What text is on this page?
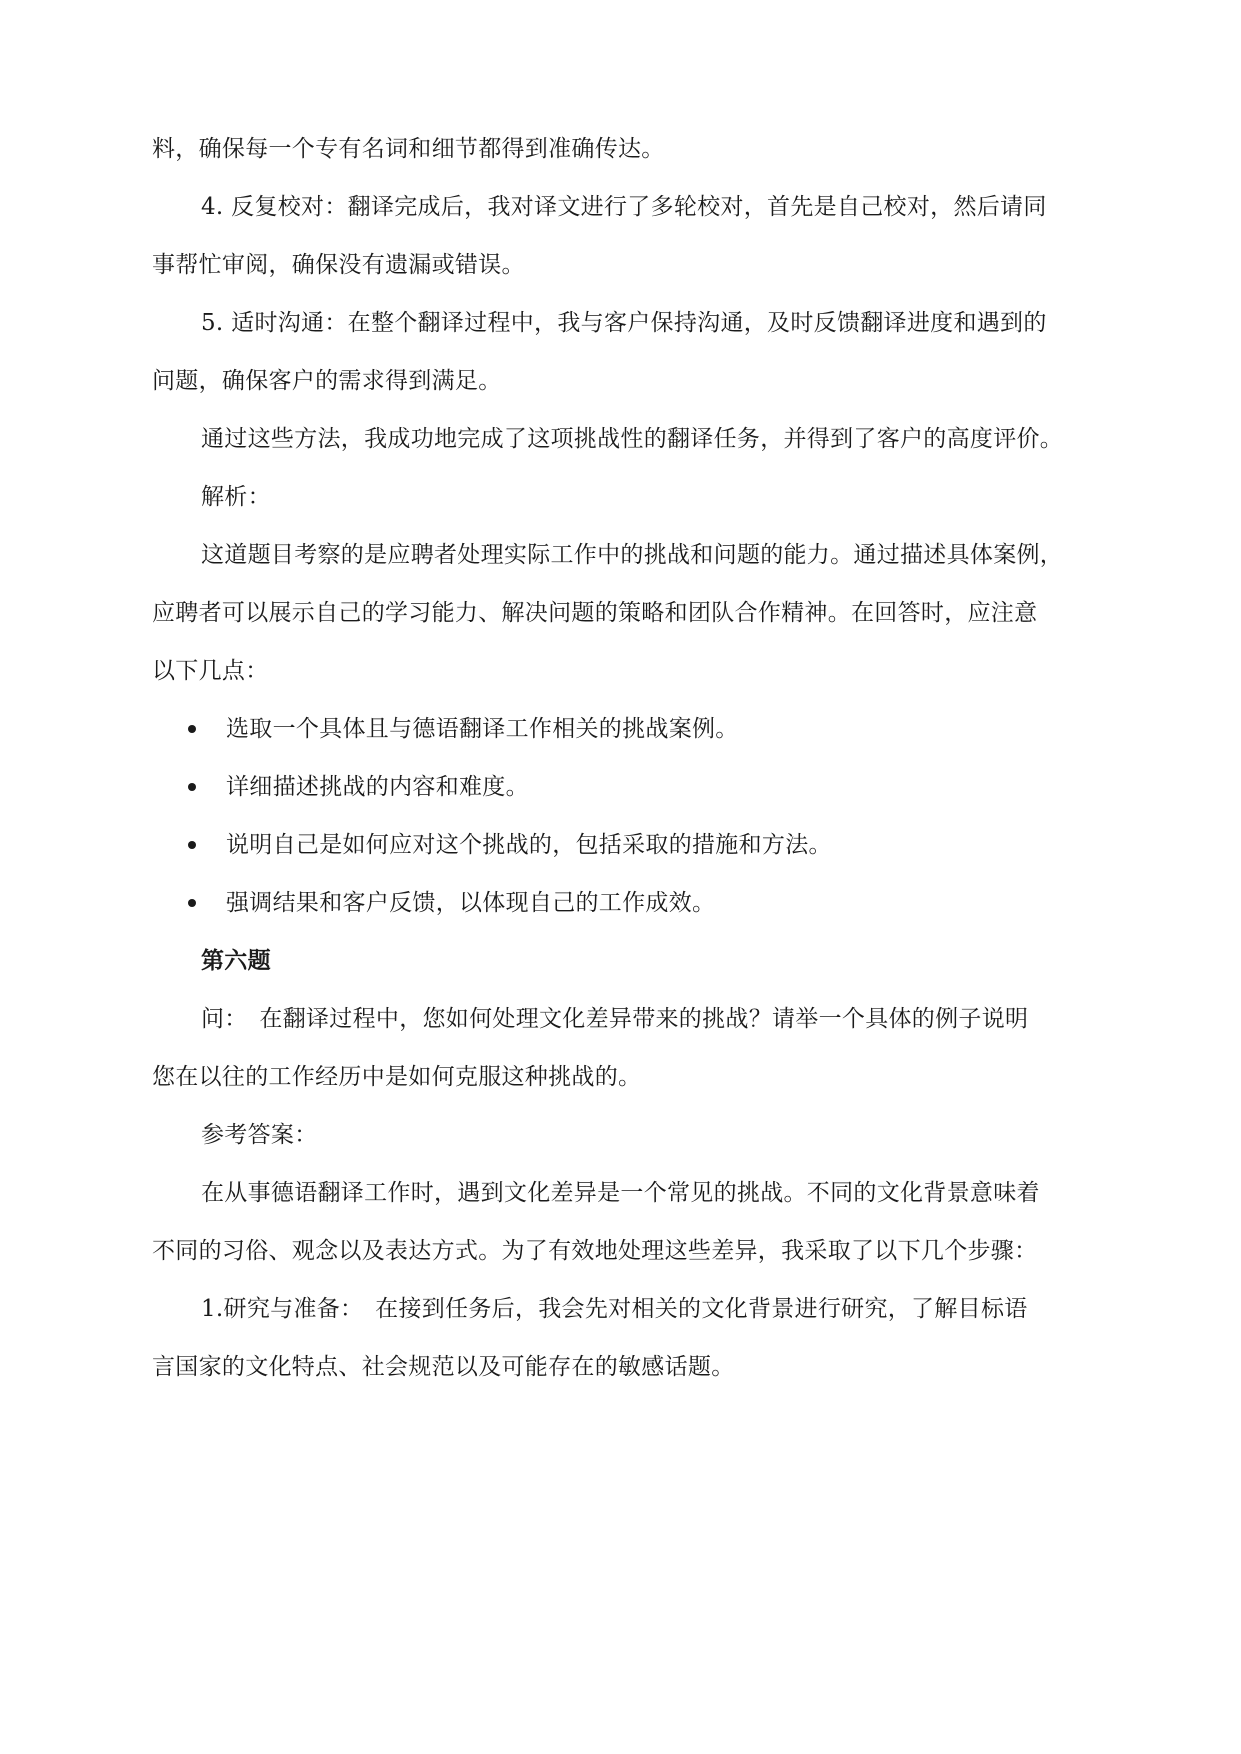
料，确保每一个专有名词和细节都得到准确传达。
4. 反复校对：翻译完成后，我对译文进行了多轮校对，首先是自己校对，然后请同
事帮忙审阅，确保没有遗漏或错误。
5. 适时沟通：在整个翻译过程中，我与客户保持沟通，及时反馈翻译进度和遇到的
问题，确保客户的需求得到满足。
通过这些方法，我成功地完成了这项挑战性的翻译任务，并得到了客户的高度评价。
解析：
这道题目考察的是应聘者处理实际工作中的挑战和问题的能力。通过描述具体案例，
应聘者可以展示自己的学习能力、解决问题的策略和团队合作精神。在回答时，应注意
以下几点：
选取一个具体且与德语翻译工作相关的挑战案例。
详细描述挑战的内容和难度。
说明自己是如何应对这个挑战的，包括采取的措施和方法。
强调结果和客户反馈，以体现自己的工作成效。
第六题
问：　在翻译过程中，您如何处理文化差异带来的挑战？请举一个具体的例子说明
您在以往的工作经历中是如何克服这种挑战的。
参考答案：
在从事德语翻译工作时，遇到文化差异是一个常见的挑战。不同的文化背景意味着
不同的习俗、观念以及表达方式。为了有效地处理这些差异，我采取了以下几个步骤：
1.研究与准备：　在接到任务后，我会先对相关的文化背景进行研究，了解目标语
言国家的文化特点、社会规范以及可能存在的敏感话题。
